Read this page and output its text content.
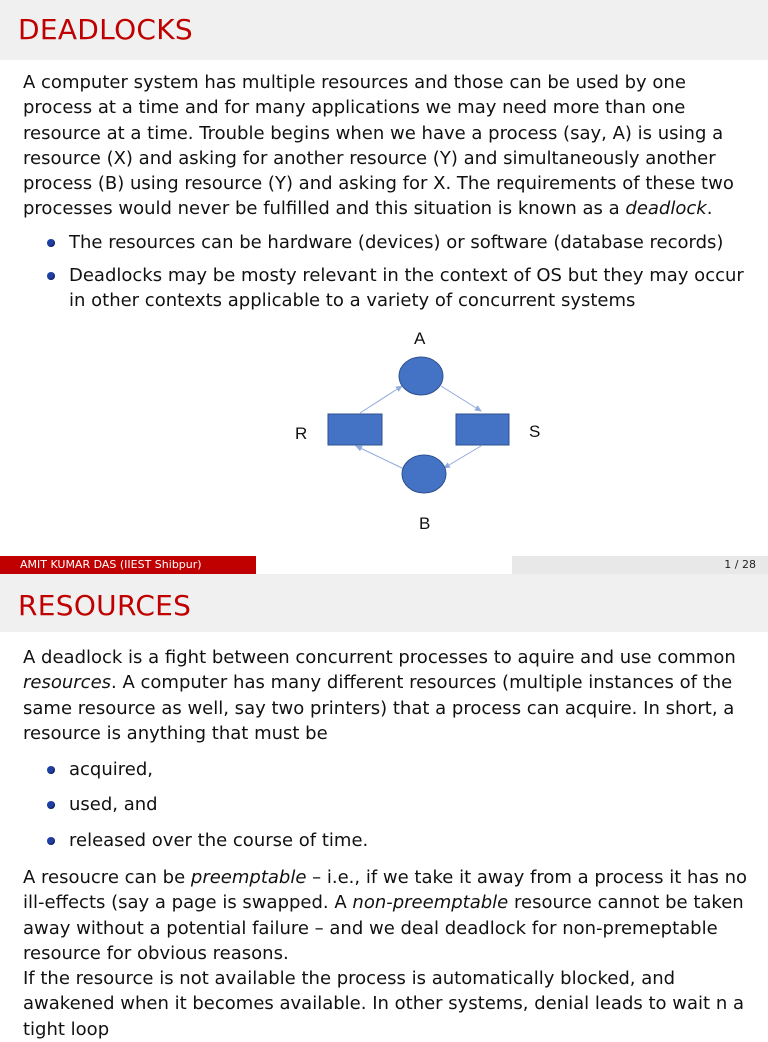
DEADLOCKS

A computer system has multiple resources and those can be used by one process at a time and for many applications we may need more than one resource at a time. Trouble begins when we have a process (say, A) is using a resource (X) and asking for another resource (Y) and simultaneously another process (B) using resource (Y) and asking for X. The requirements of these two processes would never be fulfilled and this situation is known as a deadlock.

The resources can be hardware (devices) or software (database records)
Deadlocks may be mosty relevant in the context of OS but they may occur in other contexts applicable to a variety of concurrent systems
A
B
R	S
AMIT KUMAR DAS (IIEST Shibpur)	1 / 28
RESOURCES

A deadlock is a fight between concurrent processes to aquire and use common resources. A computer has many different resources (multiple instances of the same resource as well, say two printers) that a process can acquire. In short, a resource is anything that must be

acquired,
used, and
released over the course of time.

A resoucre can be preemptable – i.e., if we take it away from a process it has no ill-effects (say a page is swapped. A non-preemptable resource cannot be taken away without a potential failure – and we deal deadlock for non-premeptable resource for obvious reasons.

If the resource is not available the process is automatically blocked, and awakened when it becomes available. In other systems, denial leads to wait n a tight loop
